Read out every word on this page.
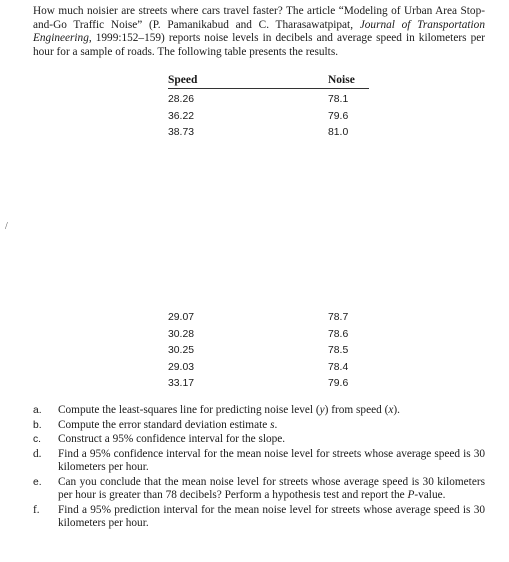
How much noisier are streets where cars travel faster? The article “Modeling of Urban Area Stop-and-Go Traffic Noise” (P. Pamanikabud and C. Tharasawatpipat, Journal of Transportation Engineering, 1999:152–159) reports noise levels in decibels and average speed in kilometers per hour for a sample of roads. The following table presents the results.
/
Speed	Noise
28.26	78.1
36.22	79.6
38.73	81.0
29.07	78.7
30.28	78.6
30.25	78.5
29.03	78.4
33.17	79.6
a. Compute the least-squares line for predicting noise level (y) from speed (x).
b. Compute the error standard deviation estimate s.
c. Construct a 95% confidence interval for the slope.
d. Find a 95% confidence interval for the mean noise level for streets whose average speed is 30 kilometers per hour.
e. Can you conclude that the mean noise level for streets whose average speed is 30 kilometers per hour is greater than 78 decibels? Perform a hypothesis test and report the P-value.
f. Find a 95% prediction interval for the mean noise level for streets whose average speed is 30 kilometers per hour.
